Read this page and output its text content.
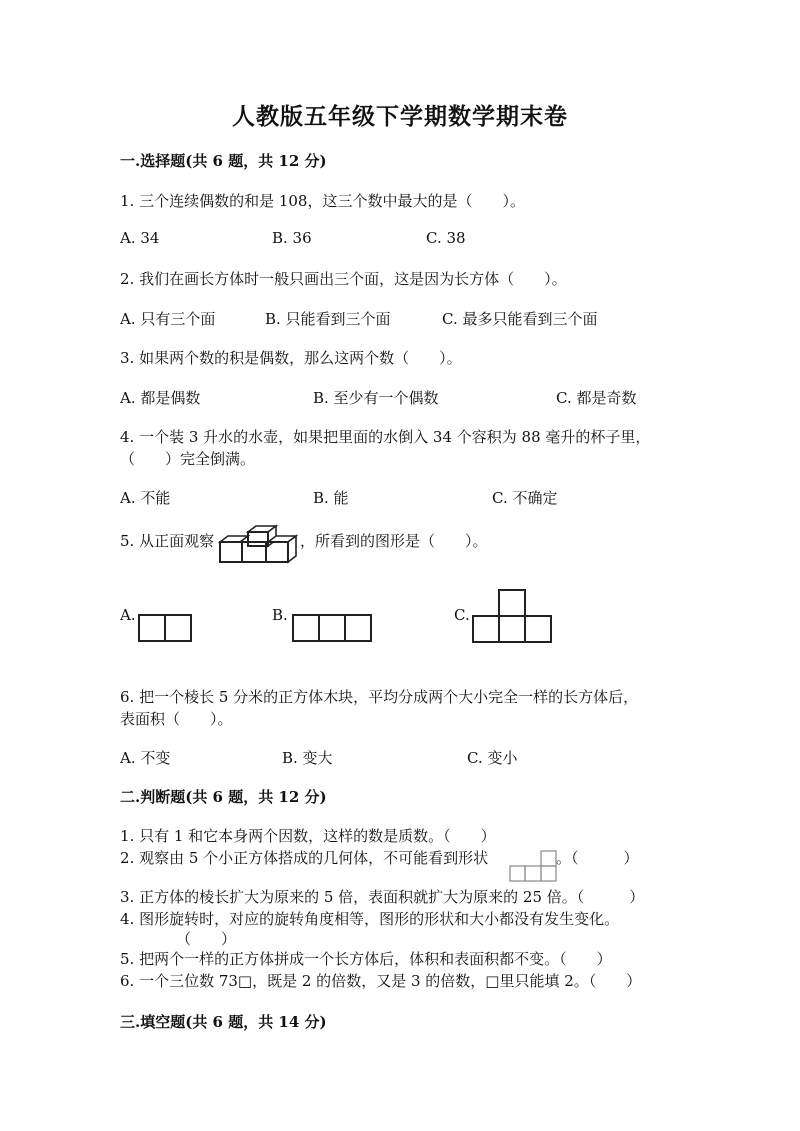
人教版五年级下学期数学期末卷
一.选择题(共 6 题，共 12 分)
1. 三个连续偶数的和是 108，这三个数中最大的是（　　）。
A. 34	B. 36	C. 38
2. 我们在画长方体时一般只画出三个面，这是因为长方体（　　）。
A. 只有三个面	B. 只能看到三个面	C. 最多只能看到三个面
3. 如果两个数的积是偶数，那么这两个数（　　）。
A. 都是偶数	B. 至少有一个偶数	C. 都是奇数
4. 一个装 3 升水的水壶，如果把里面的水倒入 34 个容积为 88 毫升的杯子里，
（　　）完全倒满。
A. 不能	B. 能	C. 不确定
5. 从正面观察	，所看到的图形是（　　）。
A.	B.	C.
6. 把一个棱长 5 分米的正方体木块，平均分成两个大小完全一样的长方体后，
表面积（　　）。
A. 不变	B. 变大	C. 变小
二.判断题(共 6 题，共 12 分)
1. 只有 1 和它本身两个因数，这样的数是质数。（　　）
2. 观察由 5 个小正方体搭成的几何体，不可能看到形状	。（　　　）
3. 正方体的棱长扩大为原来的 5 倍，表面积就扩大为原来的 25 倍。（　　　）
4. 图形旋转时，对应的旋转角度相等，图形的形状和大小都没有发生变化。
（　　）
5. 把两个一样的正方体拼成一个长方体后，体积和表面积都不变。（　　）
6. 一个三位数 73□，既是 2 的倍数，又是 3 的倍数，□里只能填 2。（　　）
三.填空题(共 6 题，共 14 分)
